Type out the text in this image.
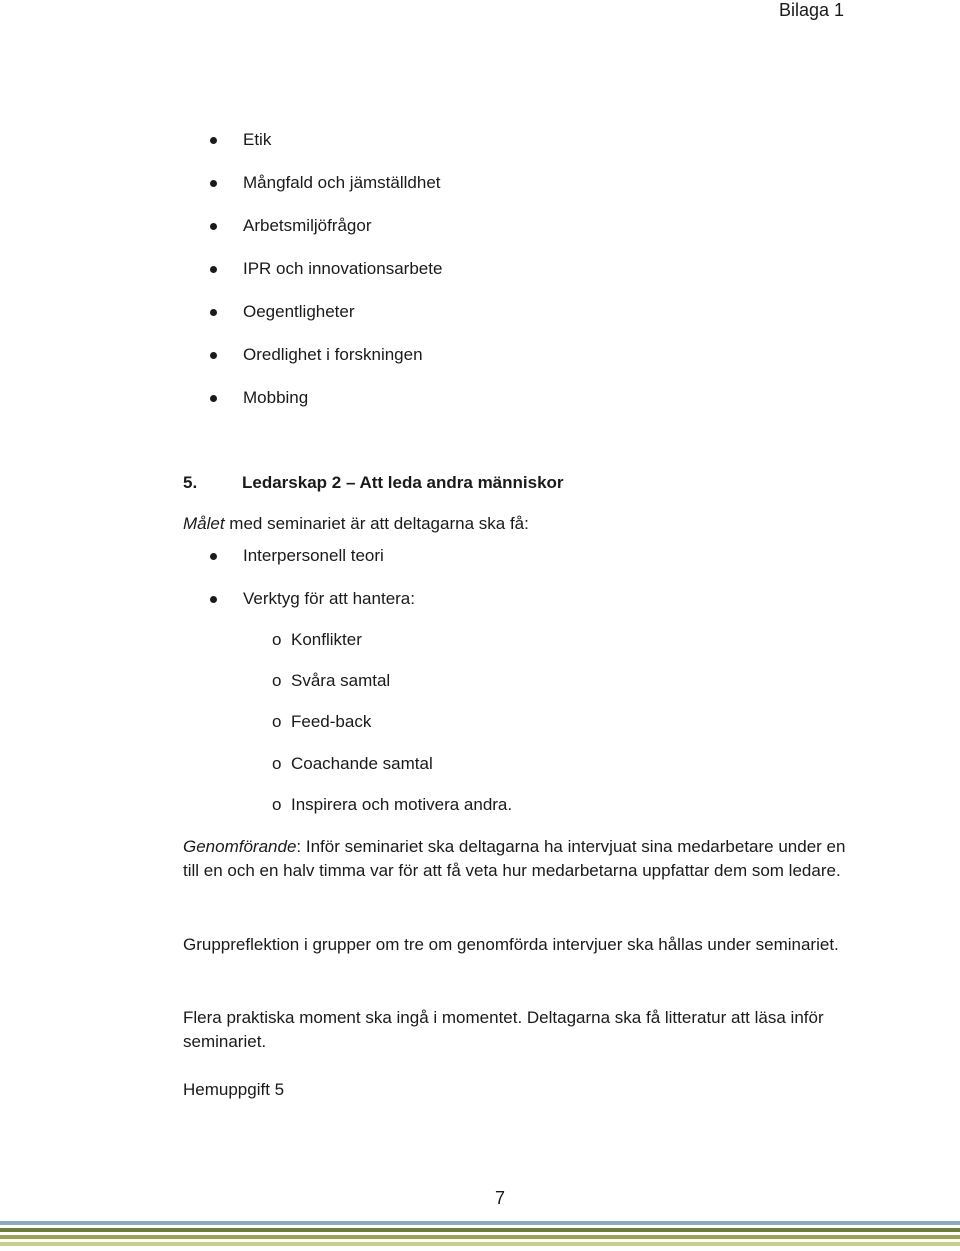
Bilaga 1
Etik
Mångfald och jämställdhet
Arbetsmiljöfrågor
IPR och innovationsarbete
Oegentligheter
Oredlighet i forskningen
Mobbing
5.	Ledarskap 2 – Att leda andra människor
Målet med seminariet är att deltagarna ska få:
Interpersonell teori
Verktyg för att hantera:
o Konflikter
o Svåra samtal
o Feed-back
o Coachande samtal
o Inspirera och motivera andra.
Genomförande: Inför seminariet ska deltagarna ha intervjuat sina medarbetare under en till en och en halv timma var för att få veta hur medarbetarna uppfattar dem som ledare.
Gruppreflektion i grupper om tre om genomförda intervjuer ska hållas under seminariet.
Flera praktiska moment ska ingå i momentet. Deltagarna ska få litteratur att läsa inför seminariet.
Hemuppgift 5
7
